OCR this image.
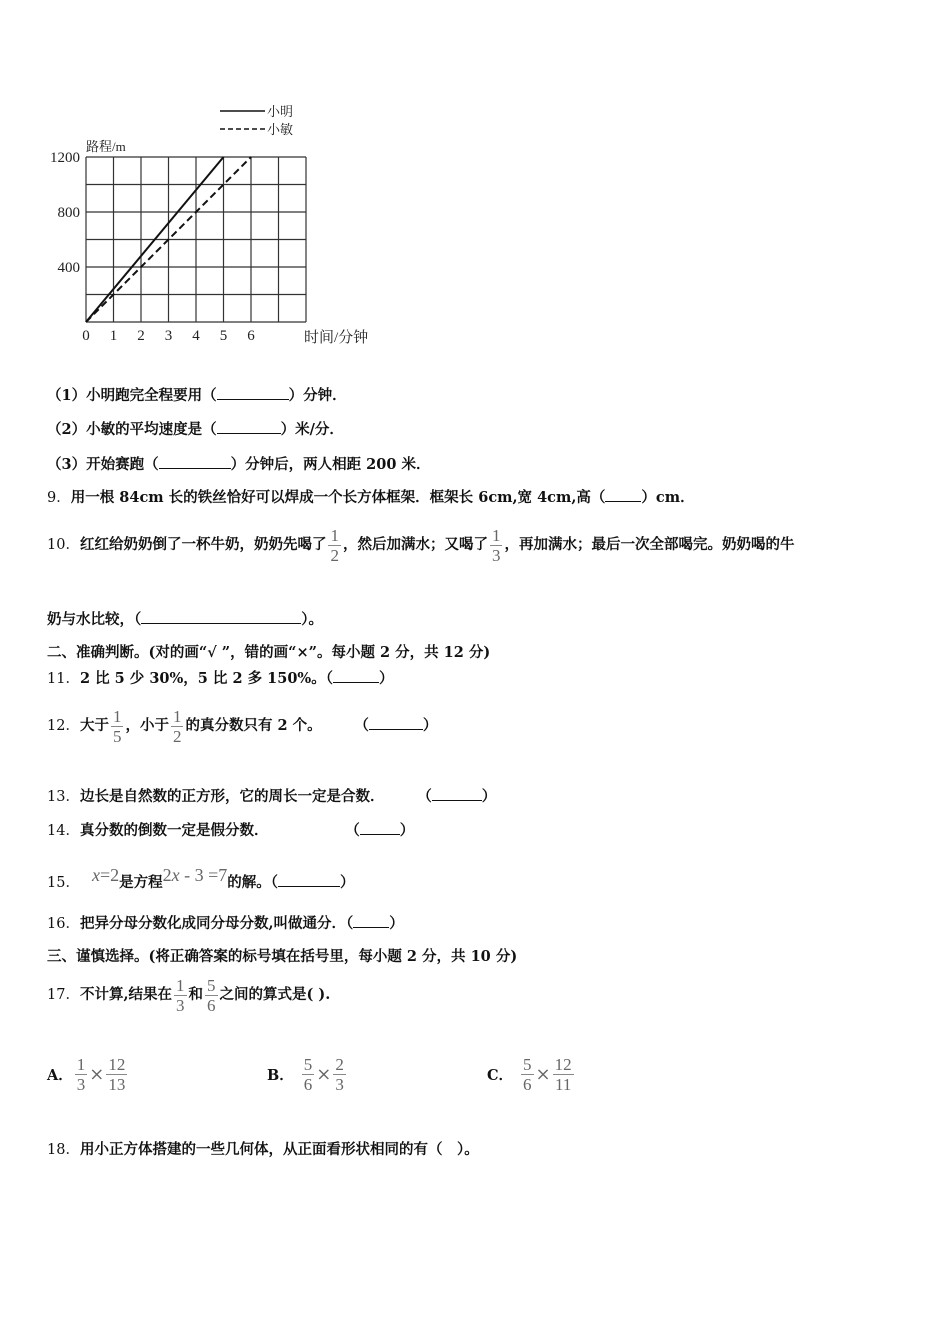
0 1 2 3 4 5 6
400
800
1200
路程/m
时间/分钟
小明
小敏
（1）小明跑完全程要用（	）分钟．
（2）小敏的平均速度是（	）米/分．
（3）开始赛跑（	）分钟后，两人相距 200 米．
9．用一根 84cm 长的铁丝恰好可以焊成一个长方体框架．框架长 6cm,宽 4cm,高（ ）cm．
10．红红给奶奶倒了一杯牛奶，奶奶先喝了 $\frac{1}{2}$ ，然后加满水；又喝了 $\frac{1}{3}$ ，再加满水；最后一次全部喝完。奶奶喝的牛
奶与水比较，（	）。
二、准确判断。(对的画“√ ”，错的画“×”。每小题 2 分，共 12 分)
11．2 比 5 少 30%，5 比 2 多 150%。（	）
12．大于 $\frac{1}{5}$ ，小于 $\frac{1}{2}$ 的真分数只有 2 个。	（	）
13．边长是自然数的正方形，它的周长一定是合数．	（	）
14．真分数的倒数一定是假分数．	（	）
15． x=2是方程2x - 3 =7的解。（	）
16．把异分母分数化成同分母分数,叫做通分．（ ）
三、谨慎选择。(将正确答案的标号填在括号里，每小题 2 分，共 10 分)
17．不计算,结果在 $\frac{1}{3}$ 和 $\frac{5}{6}$ 之间的算式是( ).
A． $\frac{1}{3} \times \frac{12}{13}$	B． $\frac{5}{6} \times \frac{2}{3}$	C． $\frac{5}{6} \times \frac{12}{11}$
18．用小正方体搭建的一些几何体，从正面看形状相同的有（　）。
